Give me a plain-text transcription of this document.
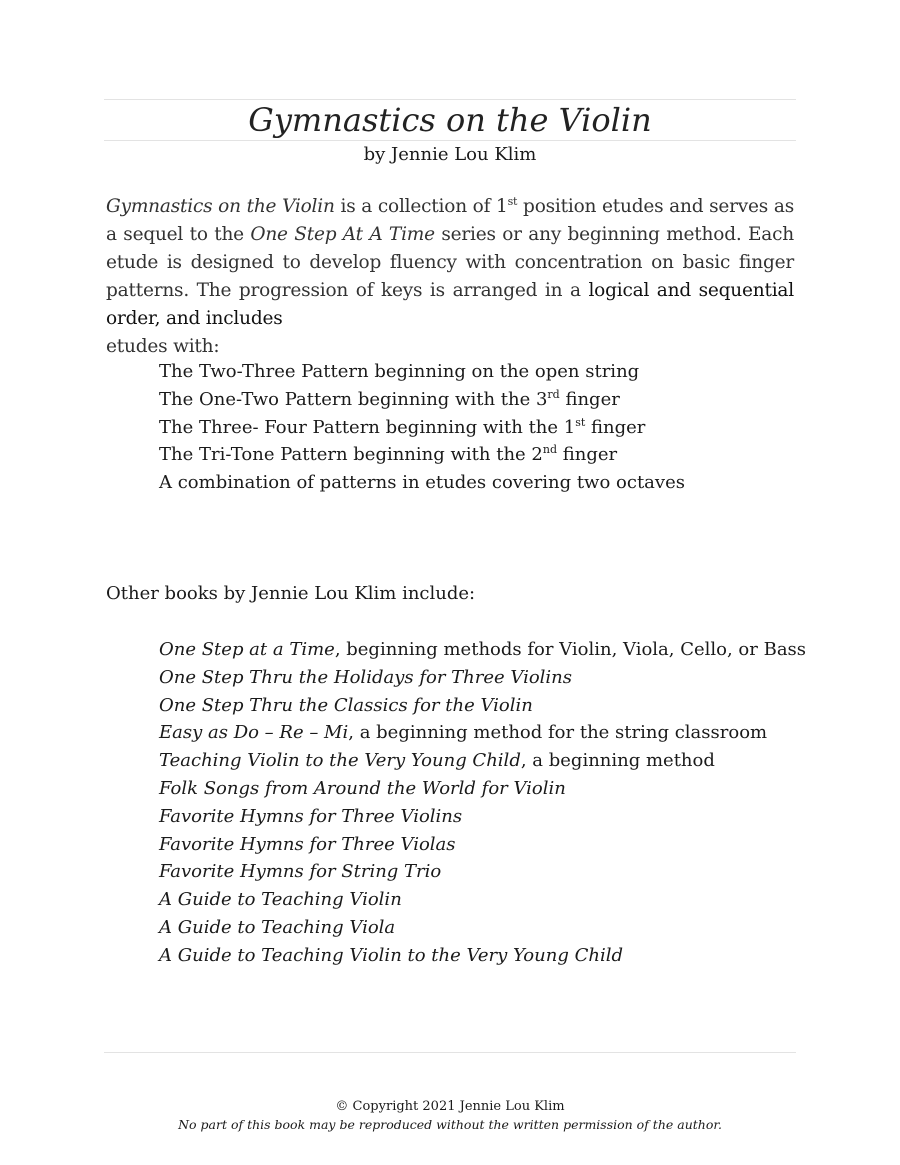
Gymnastics on the Violin
by Jennie Lou Klim
Gymnastics on the Violin is a collection of 1st position etudes and serves as a sequel to the One Step At A Time series or any beginning method. Each etude is designed to develop fluency with concentration on basic finger patterns. The progression of keys is arranged in a logical and sequential order, and includes
etudes with:
The Two-Three Pattern beginning on the open string
The One-Two Pattern beginning with the 3rd finger
The Three- Four Pattern beginning with the 1st finger
The Tri-Tone Pattern beginning with the 2nd finger
A combination of patterns in etudes covering two octaves
Other books by Jennie Lou Klim include:
One Step at a Time, beginning methods for Violin, Viola, Cello, or Bass
One Step Thru the Holidays for Three Violins
One Step Thru the Classics for the Violin
Easy as Do – Re – Mi, a beginning method for the string classroom
Teaching Violin to the Very Young Child, a beginning method
Folk Songs from Around the World for Violin
Favorite Hymns for Three Violins
Favorite Hymns for Three Violas
Favorite Hymns for String Trio
A Guide to Teaching Violin
A Guide to Teaching Viola
A Guide to Teaching Violin to the Very Young Child
© Copyright 2021 Jennie Lou Klim
No part of this book may be reproduced without the written permission of the author.
